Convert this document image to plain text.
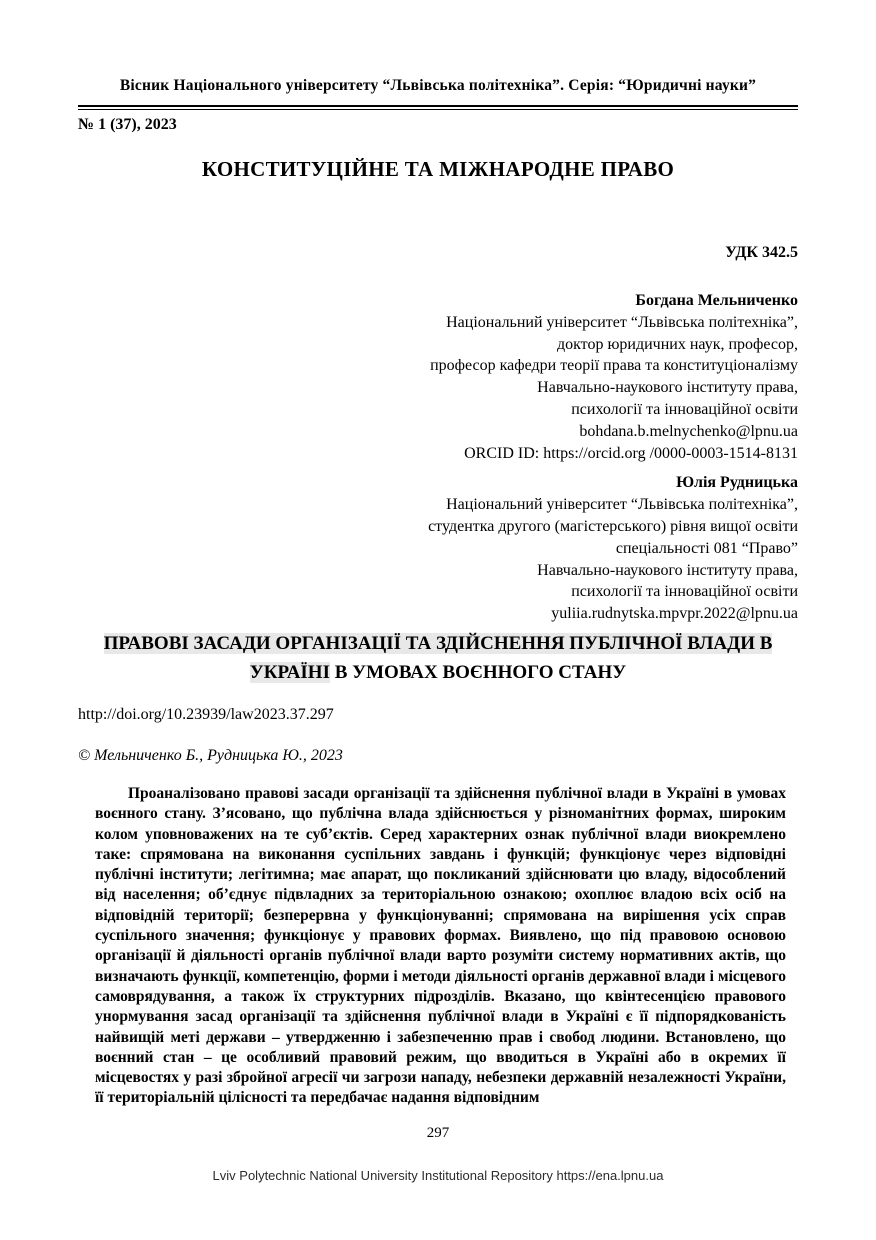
Вісник Національного університету “Львівська політехніка”. Серія: “Юридичні науки”
№ 1 (37), 2023
КОНСТИТУЦІЙНЕ ТА МІЖНАРОДНЕ ПРАВО
УДК 342.5
Богдана Мельниченко
Національний університет “Львівська політехніка”,
доктор юридичних наук, професор,
професор кафедри теорії права та конституціоналізму
Навчально-наукового інституту права,
психології та інноваційної освіти
bohdana.b.melnychenko@lpnu.ua
ORCID ID: https://orcid.org /0000-0003-1514-8131
Юлія Рудницька
Національний університет “Львівська політехніка”,
студентка другого (магістерського) рівня вищої освіти
спеціальності 081 “Право”
Навчально-наукового інституту права,
психології та інноваційної освіти
yuliia.rudnytska.mpvpr.2022@lpnu.ua
ПРАВОВІ ЗАСАДИ ОРГАНІЗАЦІЇ ТА ЗДІЙСНЕННЯ ПУБЛІЧНОЇ ВЛАДИ В УКРАЇНІ В УМОВАХ ВОЄННОГО СТАНУ
http://doi.org/10.23939/law2023.37.297
© Мельниченко Б., Рудницька Ю., 2023

Проаналізовано правові засади організації та здійснення публічної влади в Україні в умовах воєнного стану. З’ясовано, що публічна влада здійснюється у різноманітних формах, широким колом уповноважених на те суб’єктів. Серед характерних ознак публічної влади виокремлено таке: спрямована на виконання суспільних завдань і функцій; функціонує через відповідні публічні інститути; легітимна; має апарат, що покликаний здійснювати цю владу, відособлений від населення; об’єднує підвладних за територіальною ознакою; охоплює владою всіх осіб на відповідній території; безперервна у функціонуванні; спрямована на вирішення усіх справ суспільного значення; функціонує у правових формах. Виявлено, що під правовою основою організації й діяльності органів публічної влади варто розуміти систему нормативних актів, що визначають функції, компетенцію, форми і методи діяльності органів державної влади і місцевого самоврядування, а також їх структурних підрозділів. Вказано, що квінтесенцією правового унормування засад організації та здійснення публічної влади в Україні є її підпорядкованість найвищій меті держави – утвердженню і забезпеченню прав і свобод людини. Встановлено, що воєнний стан – це особливий правовий режим, що вводиться в Україні або в окремих її місцевостях у разі збройної агресії чи загрози нападу, небезпеки державній незалежності України, її територіальній цілісності та передбачає надання відповідним

297
Lviv Polytechnic National University Institutional Repository https://ena.lpnu.ua
